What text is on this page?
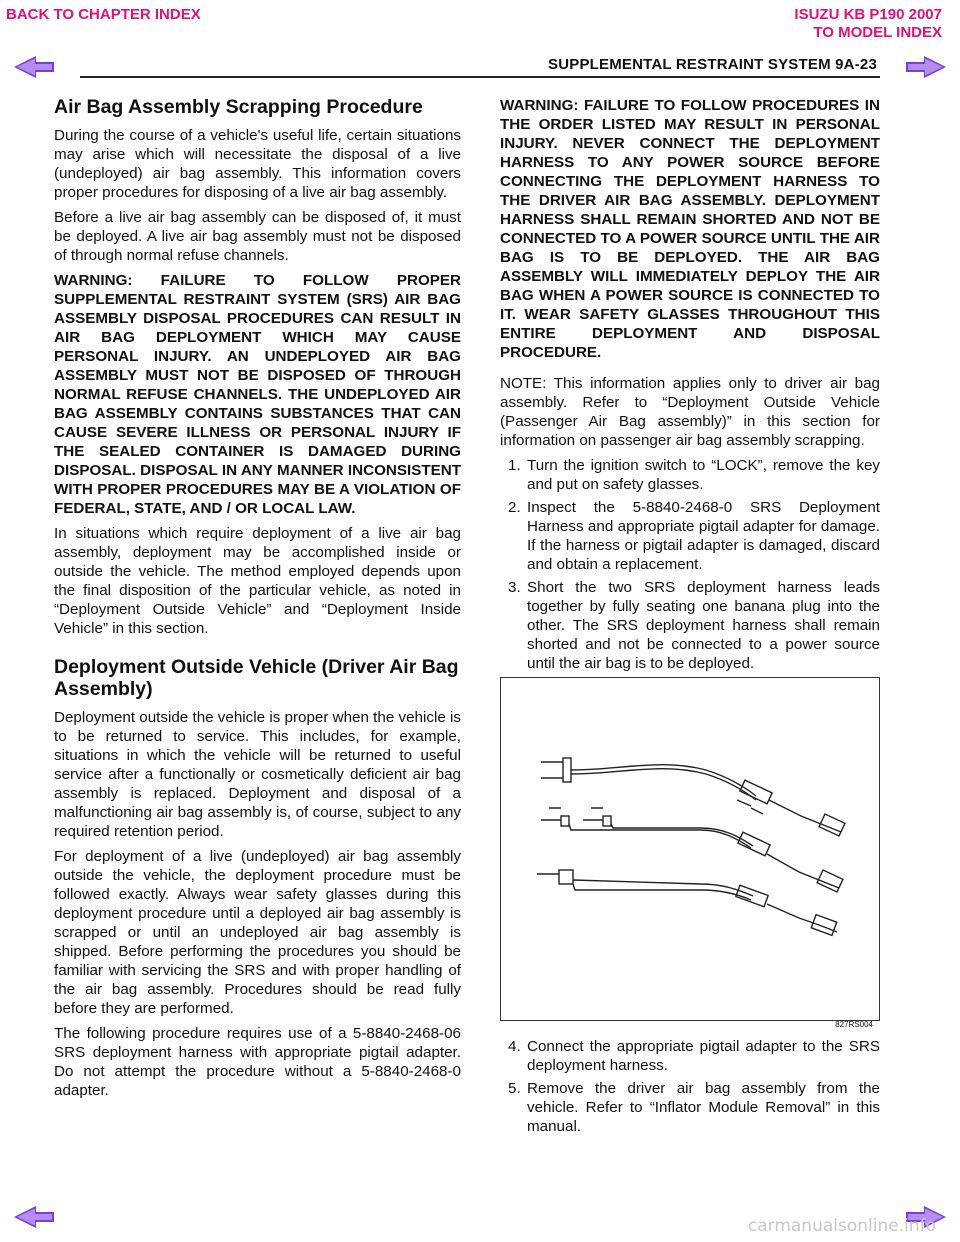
BACK TO CHAPTER INDEX	ISUZU KB P190 2007
TO MODEL INDEX
SUPPLEMENTAL RESTRAINT SYSTEM 9A-23
Air Bag Assembly Scrapping Procedure

During the course of a vehicle's useful life, certain situations may arise which will necessitate the disposal of a live (undeployed) air bag assembly. This information covers proper procedures for disposing of a live air bag assembly.

Before a live air bag assembly can be disposed of, it must be deployed. A live air bag assembly must not be disposed of through normal refuse channels.

WARNING: FAILURE TO FOLLOW PROPER SUPPLEMENTAL RESTRAINT SYSTEM (SRS) AIR BAG ASSEMBLY DISPOSAL PROCEDURES CAN RESULT IN AIR BAG DEPLOYMENT WHICH MAY CAUSE PERSONAL INJURY. AN UNDEPLOYED AIR BAG ASSEMBLY MUST NOT BE DISPOSED OF THROUGH NORMAL REFUSE CHANNELS. THE UNDEPLOYED AIR BAG ASSEMBLY CONTAINS SUBSTANCES THAT CAN CAUSE SEVERE ILLNESS OR PERSONAL INJURY IF THE SEALED CONTAINER IS DAMAGED DURING DISPOSAL. DISPOSAL IN ANY MANNER INCONSISTENT WITH PROPER PROCEDURES MAY BE A VIOLATION OF FEDERAL, STATE, AND / OR LOCAL LAW.

In situations which require deployment of a live air bag assembly, deployment may be accomplished inside or outside the vehicle. The method employed depends upon the final disposition of the particular vehicle, as noted in “Deployment Outside Vehicle” and “Deployment Inside Vehicle” in this section.

Deployment Outside Vehicle (Driver Air Bag Assembly)

Deployment outside the vehicle is proper when the vehicle is to be returned to service. This includes, for example, situations in which the vehicle will be returned to useful service after a functionally or cosmetically deficient air bag assembly is replaced. Deployment and disposal of a malfunctioning air bag assembly is, of course, subject to any required retention period.

For deployment of a live (undeployed) air bag assembly outside the vehicle, the deployment procedure must be followed exactly. Always wear safety glasses during this deployment procedure until a deployed air bag assembly is scrapped or until an undeployed air bag assembly is shipped. Before performing the procedures you should be familiar with servicing the SRS and with proper handling of the air bag assembly. Procedures should be read fully before they are performed.

The following procedure requires use of a 5-8840-2468-06 SRS deployment harness with appropriate pigtail adapter. Do not attempt the procedure without a 5-8840-2468-0 adapter.

WARNING: FAILURE TO FOLLOW PROCEDURES IN THE ORDER LISTED MAY RESULT IN PERSONAL INJURY. NEVER CONNECT THE DEPLOYMENT HARNESS TO ANY POWER SOURCE BEFORE CONNECTING THE DEPLOYMENT HARNESS TO THE DRIVER AIR BAG ASSEMBLY. DEPLOYMENT HARNESS SHALL REMAIN SHORTED AND NOT BE CONNECTED TO A POWER SOURCE UNTIL THE AIR BAG IS TO BE DEPLOYED. THE AIR BAG ASSEMBLY WILL IMMEDIATELY DEPLOY THE AIR BAG WHEN A POWER SOURCE IS CONNECTED TO IT. WEAR SAFETY GLASSES THROUGHOUT THIS ENTIRE DEPLOYMENT AND DISPOSAL PROCEDURE.

NOTE: This information applies only to driver air bag assembly. Refer to “Deployment Outside Vehicle (Passenger Air Bag assembly)” in this section for information on passenger air bag assembly scrapping.

1. Turn the ignition switch to “LOCK”, remove the key and put on safety glasses.
2. Inspect the 5-8840-2468-0 SRS Deployment Harness and appropriate pigtail adapter for damage. If the harness or pigtail adapter is damaged, discard and obtain a replacement.
3. Short the two SRS deployment harness leads together by fully seating one banana plug into the other. The SRS deployment harness shall remain shorted and not be connected to a power source until the air bag is to be deployed.
827RS004
4. Connect the appropriate pigtail adapter to the SRS deployment harness.
5. Remove the driver air bag assembly from the vehicle. Refer to “Inflator Module Removal” in this manual.
carmanualsonline.info
